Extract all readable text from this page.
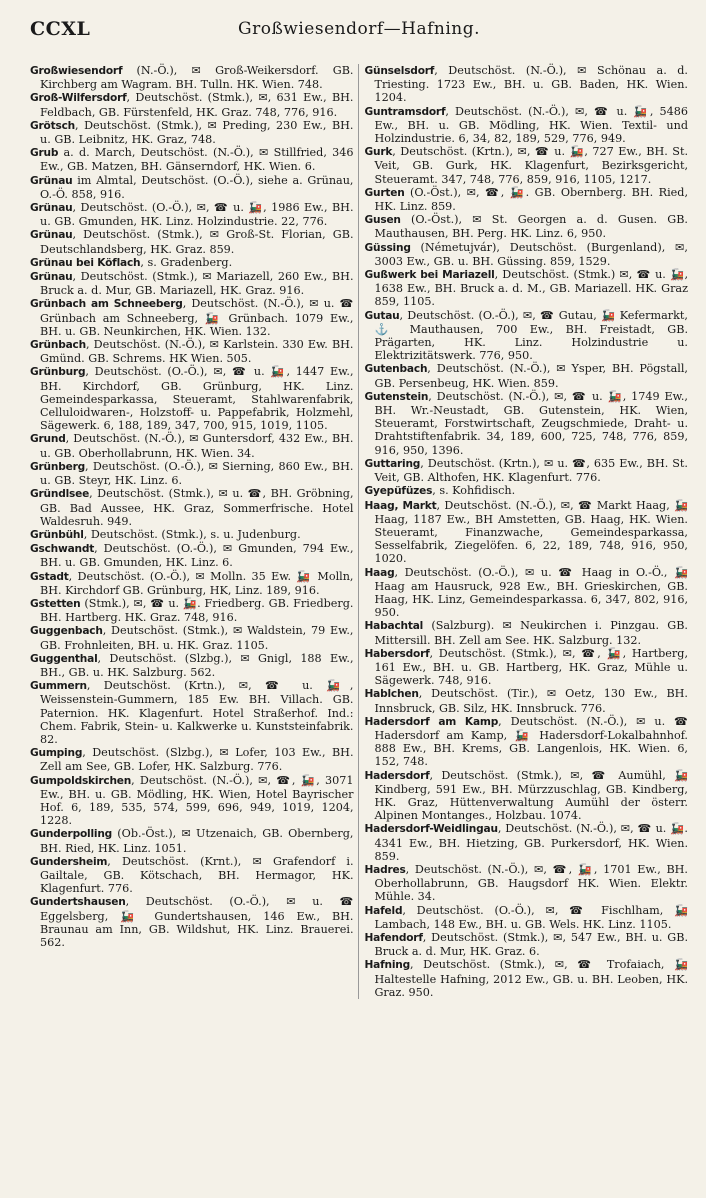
CCXL	Großwiesendorf—Hafning.

Großwiesendorf (N.-Ö.), ✉ Groß-Weikersdorf. GB. Kirchberg am Wagram. BH. Tulln. HK. Wien. 748.

Groß-Wilfersdorf, Deutschöst. (Stmk.), ✉, 631 Ew., BH. Feldbach, GB. Fürstenfeld, HK. Graz. 748, 776, 916.

Grötsch, Deutschöst. (Stmk.), ✉ Preding, 230 Ew., BH. u. GB. Leibnitz, HK. Graz, 748.

Grub a. d. March, Deutschöst. (N.-Ö.), ✉ Stillfried, 346 Ew., GB. Matzen, BH. Gänserndorf, HK. Wien. 6.

Grünau im Almtal, Deutschöst. (O.-Ö.), siehe a. Grünau, O.-Ö. 858, 916.

Grünau, Deutschöst. (O.-Ö.), ✉, ☎ u. 🚂, 1986 Ew., BH. u. GB. Gmunden, HK. Linz. Holzindustrie. 22, 776.

Grünau, Deutschöst. (Stmk.), ✉ Groß-St. Florian, GB. Deutschlandsberg, HK. Graz. 859.

Grünau bei Köflach, s. Gradenberg.

Grünau, Deutschöst. (Stmk.), ✉ Mariazell, 260 Ew., BH. Bruck a. d. Mur, GB. Mariazell, HK. Graz. 916.

Grünbach am Schneeberg, Deutschöst. (N.-Ö.), ✉ u. ☎ Grünbach am Schneeberg, 🚂 Grünbach. 1079 Ew., BH. u. GB. Neunkirchen, HK. Wien. 132.

Grünbach, Deutschöst. (N.-Ö.), ✉ Karlstein. 330 Ew. BH. Gmünd. GB. Schrems. HK Wien. 505.

Grünburg, Deutschöst. (O.-Ö.), ✉, ☎ u. 🚂, 1447 Ew., BH. Kirchdorf, GB. Grünburg, HK. Linz. Gemeindesparkassa, Steueramt, Stahlwarenfabrik, Celluloidwaren-, Holzstoff- u. Pappefabrik, Holzmehl, Sägewerk. 6, 188, 189, 347, 700, 915, 1019, 1105.

Grund, Deutschöst. (N.-Ö.), ✉ Guntersdorf, 432 Ew., BH. u. GB. Oberhollabrunn, HK. Wien. 34.

Grünberg, Deutschöst. (O.-Ö.), ✉ Sierning, 860 Ew., BH. u. GB. Steyr, HK. Linz. 6.

Gründlsee, Deutschöst. (Stmk.), ✉ u. ☎, BH. Gröbning, GB. Bad Aussee, HK. Graz, Sommerfrische. Hotel Waldesruh. 949.

Grünbühl, Deutschöst. (Stmk.), s. u. Judenburg.

Gschwandt, Deutschöst. (O.-Ö.), ✉ Gmunden, 794 Ew., BH. u. GB. Gmunden, HK. Linz. 6.

Gstadt, Deutschöst. (O.-Ö.), ✉ Molln. 35 Ew. 🚂 Molln, BH. Kirchdorf GB. Grünburg, HK, Linz. 189, 916.

Gstetten (Stmk.), ✉, ☎ u. 🚂. Friedberg. GB. Friedberg. BH. Hartberg. HK. Graz. 748, 916.

Guggenbach, Deutschöst. (Stmk.), ✉ Waldstein, 79 Ew., GB. Frohnleiten, BH. u. HK. Graz. 1105.

Guggenthal, Deutschöst. (Slzbg.), ✉ Gnigl, 188 Ew., BH., GB. u. HK. Salzburg. 562.

Gummern, Deutschöst. (Krtn.), ✉, ☎ u. 🚂, Weissenstein-Gummern, 185 Ew. BH. Villach. GB. Paternion. HK. Klagenfurt. Hotel Straßerhof. Ind.: Chem. Fabrik, Stein- u. Kalkwerke u. Kunststeinfabrik. 82.

Gumping, Deutschöst. (Slzbg.), ✉ Lofer, 103 Ew., BH. Zell am See, GB. Lofer, HK. Salzburg. 776.

Gumpoldskirchen, Deutschöst. (N.-Ö.), ✉, ☎, 🚂, 3071 Ew., BH. u. GB. Mödling, HK. Wien, Hotel Bayrischer Hof. 6, 189, 535, 574, 599, 696, 949, 1019, 1204, 1228.

Gunderpolling (Ob.-Öst.), ✉ Utzenaich, GB. Obernberg, BH. Ried, HK. Linz. 1051.

Gundersheim, Deutschöst. (Krnt.), ✉ Grafendorf i. Gailtale, GB. Kötschach, BH. Hermagor, HK. Klagenfurt. 776.

Gundertshausen, Deutschöst. (O.-Ö.), ✉ u. ☎ Eggelsberg, 🚂 Gundertshausen, 146 Ew., BH. Braunau am Inn, GB. Wildshut, HK. Linz. Brauerei. 562.

Günselsdorf, Deutschöst. (N.-Ö.), ✉ Schönau a. d. Triesting. 1723 Ew., BH. u. GB. Baden, HK. Wien. 1204.

Guntramsdorf, Deutschöst. (N.-Ö.), ✉, ☎ u. 🚂, 5486 Ew., BH. u. GB. Mödling, HK. Wien. Textil- und Holzindustrie. 6, 34, 82, 189, 529, 776, 949.

Gurk, Deutschöst. (Krtn.), ✉, ☎ u. 🚂, 727 Ew., BH. St. Veit, GB. Gurk, HK. Klagenfurt, Bezirksgericht, Steueramt. 347, 748, 776, 859, 916, 1105, 1217.

Gurten (O.-Öst.), ✉, ☎, 🚂. GB. Obernberg. BH. Ried, HK. Linz. 859.

Gusen (O.-Öst.), ✉ St. Georgen a. d. Gusen. GB. Mauthausen, BH. Perg. HK. Linz. 6, 950.

Güssing (Németujvár), Deutschöst. (Burgenland), ✉, 3003 Ew., GB. u. BH. Güssing. 859, 1529.

Gußwerk bei Mariazell, Deutschöst. (Stmk.) ✉, ☎ u. 🚂, 1638 Ew., BH. Bruck a. d. M., GB. Mariazell. HK. Graz 859, 1105.

Gutau, Deutschöst. (O.-Ö.), ✉, ☎ Gutau, 🚂 Kefermarkt, ⚓ Mauthausen, 700 Ew., BH. Freistadt, GB. Prägarten, HK. Linz. Holzindustrie u. Elektrizitätswerk. 776, 950.

Gutenbach, Deutschöst. (N.-Ö.), ✉ Ysper, BH. Pögstall, GB. Persenbeug, HK. Wien. 859.

Gutenstein, Deutschöst. (N.-Ö.), ✉, ☎ u. 🚂, 1749 Ew., BH. Wr.-Neustadt, GB. Gutenstein, HK. Wien, Steueramt, Forstwirtschaft, Zeugschmiede, Draht- u. Drahtstiftenfabrik. 34, 189, 600, 725, 748, 776, 859, 916, 950, 1396.

Guttaring, Deutschöst. (Krtn.), ✉ u. ☎, 635 Ew., BH. St. Veit, GB. Althofen, HK. Klagenfurt. 776.

Gyepüfüzes, s. Kohfidisch.

Haag, Markt, Deutschöst. (N.-Ö.), ✉, ☎ Markt Haag, 🚂 Haag, 1187 Ew., BH Amstetten, GB. Haag, HK. Wien. Steueramt, Finanzwache, Gemeindesparkassa, Sesselfabrik, Ziegelöfen. 6, 22, 189, 748, 916, 950, 1020.

Haag, Deutschöst. (O.-Ö.), ✉ u. ☎ Haag in O.-Ö., 🚂 Haag am Hausruck, 928 Ew., BH. Grieskirchen, GB. Haag, HK. Linz, Gemeindesparkassa. 6, 347, 802, 916, 950.

Habachtal (Salzburg). ✉ Neukirchen i. Pinzgau. GB. Mittersill. BH. Zell am See. HK. Salzburg. 132.

Habersdorf, Deutschöst. (Stmk.), ✉, ☎, 🚂, Hartberg, 161 Ew., BH. u. GB. Hartberg, HK. Graz, Mühle u. Sägewerk. 748, 916.

Hablchen, Deutschöst. (Tir.), ✉ Oetz, 130 Ew., BH. Innsbruck, GB. Silz, HK. Innsbruck. 776.

Hadersdorf am Kamp, Deutschöst. (N.-Ö.), ✉ u. ☎ Hadersdorf am Kamp, 🚂 Hadersdorf-Lokalbahnhof. 888 Ew., BH. Krems, GB. Langenlois, HK. Wien. 6, 152, 748.

Hadersdorf, Deutschöst. (Stmk.), ✉, ☎ Aumühl, 🚂 Kindberg, 591 Ew., BH. Mürzzuschlag, GB. Kindberg, HK. Graz, Hüttenverwaltung Aumühl der österr. Alpinen Montanges., Holzbau. 1074.

Hadersdorf-Weidlingau, Deutschöst. (N.-Ö.), ✉, ☎ u. 🚂. 4341 Ew., BH. Hietzing, GB. Purkersdorf, HK. Wien. 859.

Hadres, Deutschöst. (N.-Ö.), ✉, ☎, 🚂, 1701 Ew., BH. Oberhollabrunn, GB. Haugsdorf HK. Wien. Elektr. Mühle. 34.

Hafeld, Deutschöst. (O.-Ö.), ✉, ☎ Fischlham, 🚂 Lambach, 148 Ew., BH. u. GB. Wels. HK. Linz. 1105.

Hafendorf, Deutschöst. (Stmk.), ✉, 547 Ew., BH. u. GB. Bruck a. d. Mur, HK. Graz. 6.

Hafning, Deutschöst. (Stmk.), ✉, ☎ Trofaiach, 🚂 Haltestelle Hafning, 2012 Ew., GB. u. BH. Leoben, HK. Graz. 950.
